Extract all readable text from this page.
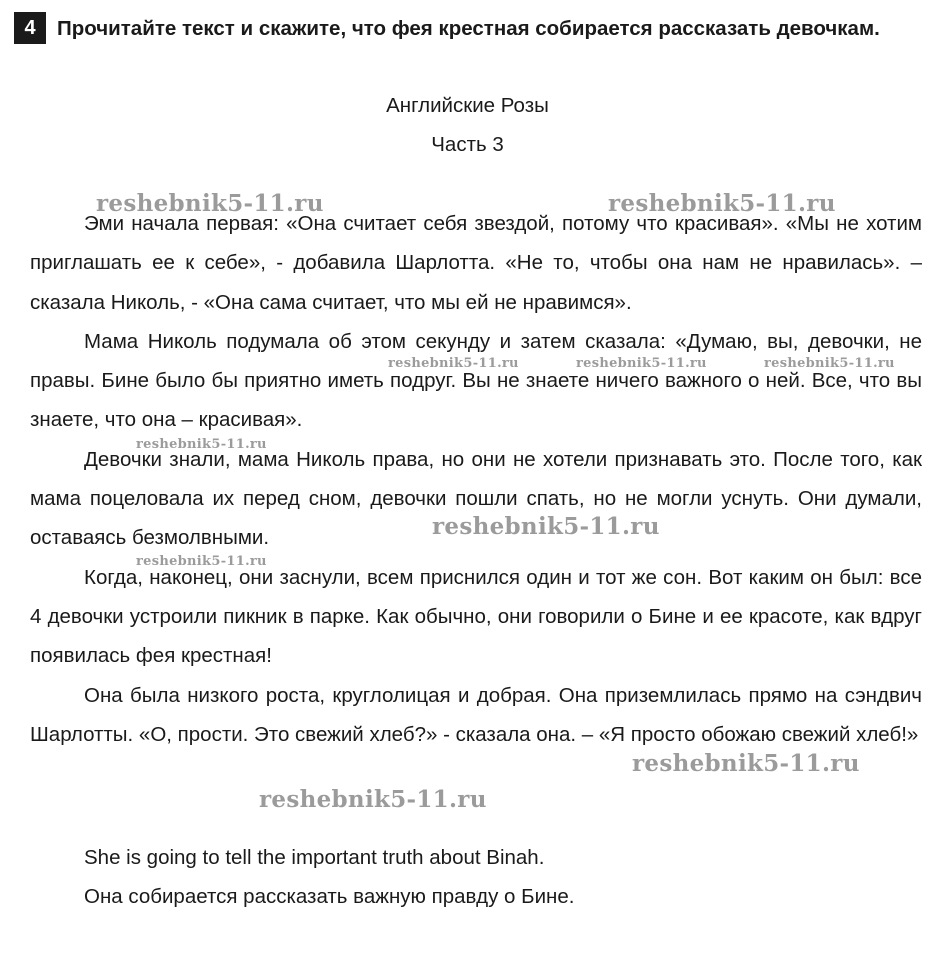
4	Прочитайте текст и скажите, что фея крестная собирается рассказать девочкам.
Английские Розы
Часть 3

Эми начала первая: «Она считает себя звездой, потому что красивая». «Мы не хотим приглашать ее к себе», - добавила Шарлотта. «Не то, чтобы она нам не нравилась». – сказала Николь, - «Она сама считает, что мы ей не нравимся».

Мама Николь подумала об этом секунду и затем сказала: «Думаю, вы, девочки, не правы. Бине было бы приятно иметь подруг. Вы не знаете ничего важного о ней. Все, что вы знаете, что она – красивая».

Девочки знали, мама Николь права, но они не хотели признавать это. После того, как мама поцеловала их перед сном, девочки пошли спать, но не могли уснуть. Они думали, оставаясь безмолвными.

Когда, наконец, они заснули, всем приснился один и тот же сон. Вот каким он был: все 4 девочки устроили пикник в парке. Как обычно, они говорили о Бине и ее красоте, как вдруг появилась фея крестная!

Она была низкого роста, круглолицая и добрая. Она приземлилась прямо на сэндвич Шарлотты. «О, прости. Это свежий хлеб?» - сказала она. – «Я просто обожаю свежий хлеб!»

She is going to tell the important truth about Binah.
Она собирается рассказать важную правду о Бине.
reshebnik5-11.ru	reshebnik5-11.ru
reshebnik5-11.ru	reshebnik5-11.ru	reshebnik5-11.ru
reshebnik5-11.ru
reshebnik5-11.ru
reshebnik5-11.ru
reshebnik5-11.ru
reshebnik5-11.ru
